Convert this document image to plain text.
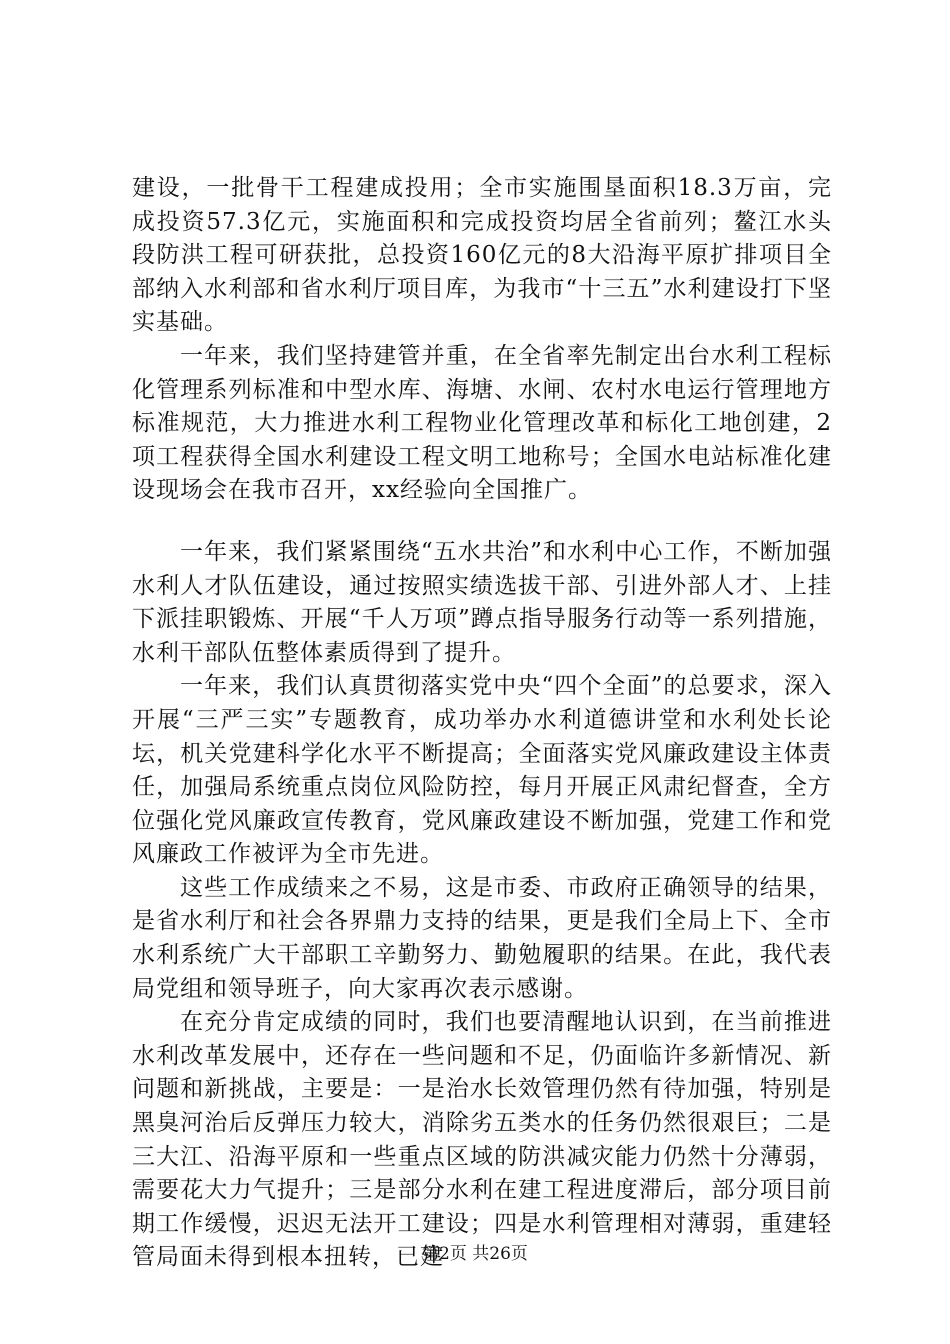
建设，一批骨干工程建成投用；全市实施围垦面积18.3万亩，完成投资57.3亿元，实施面积和完成投资均居全省前列；鳌江水头段防洪工程可研获批，总投资160亿元的8大沿海平原扩排项目全部纳入水利部和省水利厅项目库，为我市“十三五”水利建设打下坚实基础。

一年来，我们坚持建管并重，在全省率先制定出台水利工程标化管理系列标准和中型水库、海塘、水闸、农村水电运行管理地方标准规范，大力推进水利工程物业化管理改革和标化工地创建，2项工程获得全国水利建设工程文明工地称号；全国水电站标准化建设现场会在我市召开，xx经验向全国推广。

一年来，我们紧紧围绕“五水共治”和水利中心工作，不断加强水利人才队伍建设，通过按照实绩选拔干部、引进外部人才、上挂下派挂职锻炼、开展“千人万项”蹲点指导服务行动等一系列措施，水利干部队伍整体素质得到了提升。

一年来，我们认真贯彻落实党中央“四个全面”的总要求，深入开展“三严三实”专题教育，成功举办水利道德讲堂和水利处长论坛，机关党建科学化水平不断提高；全面落实党风廉政建设主体责任，加强局系统重点岗位风险防控，每月开展正风肃纪督查，全方位强化党风廉政宣传教育，党风廉政建设不断加强，党建工作和党风廉政工作被评为全市先进。

这些工作成绩来之不易，这是市委、市政府正确领导的结果，是省水利厅和社会各界鼎力支持的结果，更是我们全局上下、全市水利系统广大干部职工辛勤努力、勤勉履职的结果。在此，我代表局党组和领导班子，向大家再次表示感谢。

在充分肯定成绩的同时，我们也要清醒地认识到，在当前推进水利改革发展中，还存在一些问题和不足，仍面临许多新情况、新问题和新挑战，主要是：一是治水长效管理仍然有待加强，特别是黑臭河治后反弹压力较大，消除劣五类水的任务仍然很艰巨；二是三大江、沿海平原和一些重点区域的防洪减灾能力仍然十分薄弱，需要花大力气提升；三是部分水利在建工程进度滞后，部分项目前期工作缓慢，迟迟无法开工建设；四是水利管理相对薄弱，重建轻管局面未得到根本扭转，已建

第2页 共26页
